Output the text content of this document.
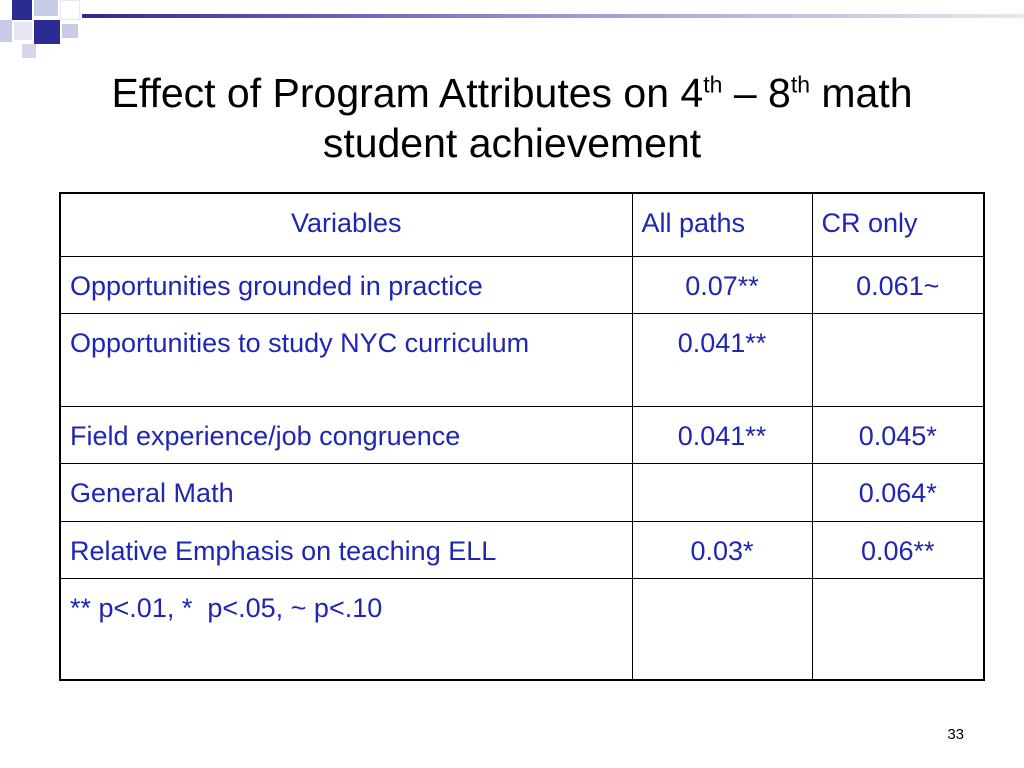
Effect of Program Attributes on 4th – 8th math
student achievement
Variables	All paths	CR only
Opportunities grounded in practice	0.07**	0.061~
Opportunities to study NYC curriculum	0.041**	
Field experience/job congruence	0.041**	0.045*
General Math		0.064*
Relative Emphasis on teaching ELL	0.03*	0.06**
** p<.01, *  p<.05, ~ p<.10		
33
